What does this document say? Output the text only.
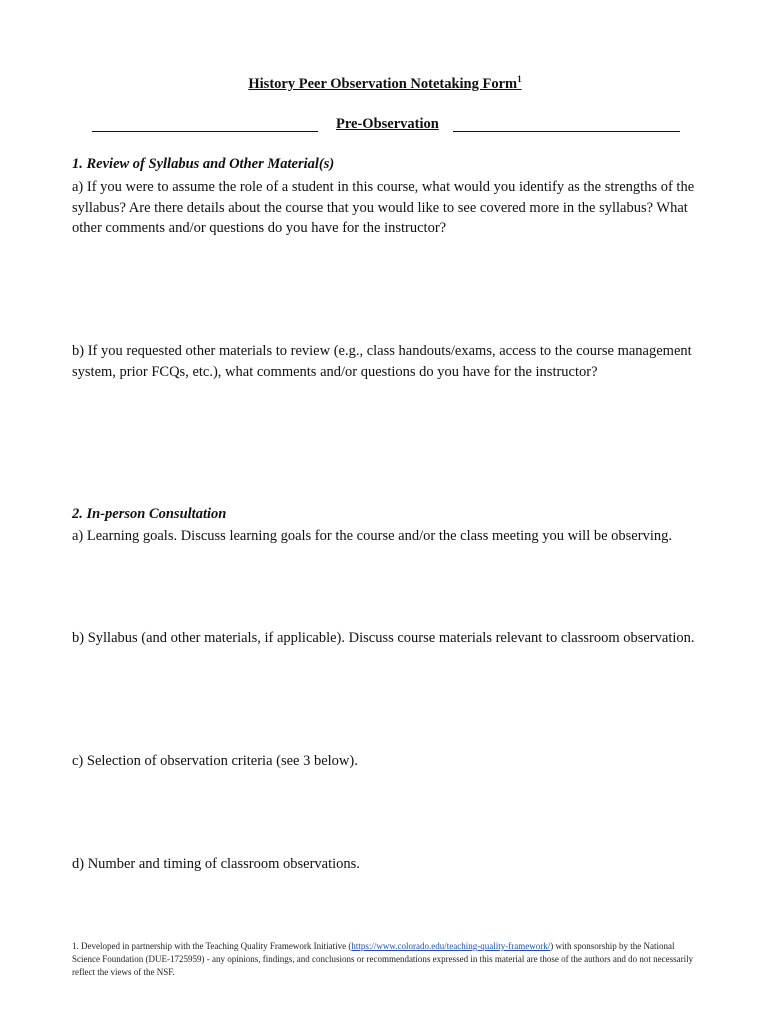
History Peer Observation Notetaking Form$^1$
Pre-Observation
1. Review of Syllabus and Other Material(s)
a) If you were to assume the role of a student in this course, what would you identify as the strengths of the syllabus? Are there details about the course that you would like to see covered more in the syllabus? What other comments and/or questions do you have for the instructor?
b) If you requested other materials to review (e.g., class handouts/exams, access to the course management system, prior FCQs, etc.), what comments and/or questions do you have for the instructor?
2. In-person Consultation
a) Learning goals. Discuss learning goals for the course and/or the class meeting you will be observing.
b) Syllabus (and other materials, if applicable). Discuss course materials relevant to classroom observation.
c) Selection of observation criteria (see 3 below).
d) Number and timing of classroom observations.
1. Developed in partnership with the Teaching Quality Framework Initiative (https://www.colorado.edu/teaching-quality-framework/) with sponsorship by the National Science Foundation (DUE-1725959) - any opinions, findings, and conclusions or recommendations expressed in this material are those of the authors and do not necessarily reflect the views of the NSF.
